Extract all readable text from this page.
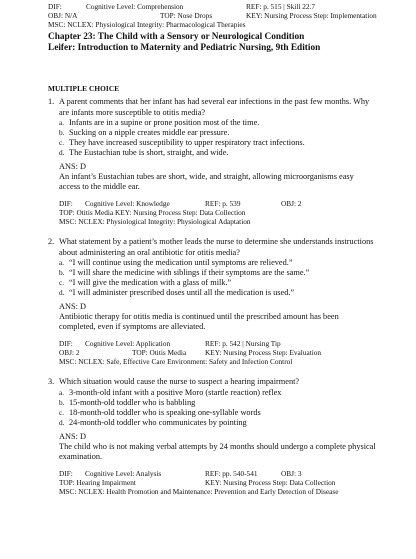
DIF:	Cognitive Level: Comprehension	REF: p. 515 | Skill 22.7
OBJ: N/A	TOP: Nose Drops	KEY: Nursing Process Step: Implementation
MSC: NCLEX: Physiological Integrity: Pharmacological Therapies
Chapter 23: The Child with a Sensory or Neurological Condition
Leifer: Introduction to Maternity and Pediatric Nursing, 9th Edition
MULTIPLE CHOICE
1. A parent comments that her infant has had several ear infections in the past few months. Why are infants more susceptible to otitis media?
a. Infants are in a supine or prone position most of the time.
b. Sucking on a nipple creates middle ear pressure.
c. They have increased susceptibility to upper respiratory tract infections.
d. The Eustachian tube is short, straight, and wide.
ANS: D
An infant’s Eustachian tubes are short, wide, and straight, allowing microorganisms easy access to the middle ear.
DIF: Cognitive Level: Knowledge	REF: p. 539	OBJ: 2
TOP: Otitis Media KEY: Nursing Process Step: Data Collection
MSC: NCLEX: Physiological Integrity: Physiological Adaptation
2. What statement by a patient’s mother leads the nurse to determine she understands instructions about administering an oral antibiotic for otitis media?
a. “I will continue using the medication until symptoms are relieved.”
b. “I will share the medicine with siblings if their symptoms are the same.”
c. “I will give the medication with a glass of milk.”
d. “I will administer prescribed doses until all the medication is used.”
ANS: D
Antibiotic therapy for otitis media is continued until the prescribed amount has been completed, even if symptoms are alleviated.
DIF: Cognitive Level: Application	REF: p. 542 | Nursing Tip
OBJ: 2	TOP: Otitis Media	KEY: Nursing Process Step: Evaluation
MSC: NCLEX: Safe, Effective Care Environment: Safety and Infection Control
3. Which situation would cause the nurse to suspect a hearing impairment?
a. 3-month-old infant with a positive Moro (startle reaction) reflex
b. 15-month-old toddler who is babbling
c. 18-month-old toddler who is speaking one-syllable words
d. 24-month-old toddler who communicates by pointing
ANS: D
The child who is not making verbal attempts by 24 months should undergo a complete physical examination.
DIF: Cognitive Level: Analysis	REF: pp. 540-541	OBJ: 3
TOP: Hearing Impairment	KEY: Nursing Process Step: Data Collection
MSC: NCLEX: Health Promotion and Maintenance: Prevention and Early Detection of Disease
